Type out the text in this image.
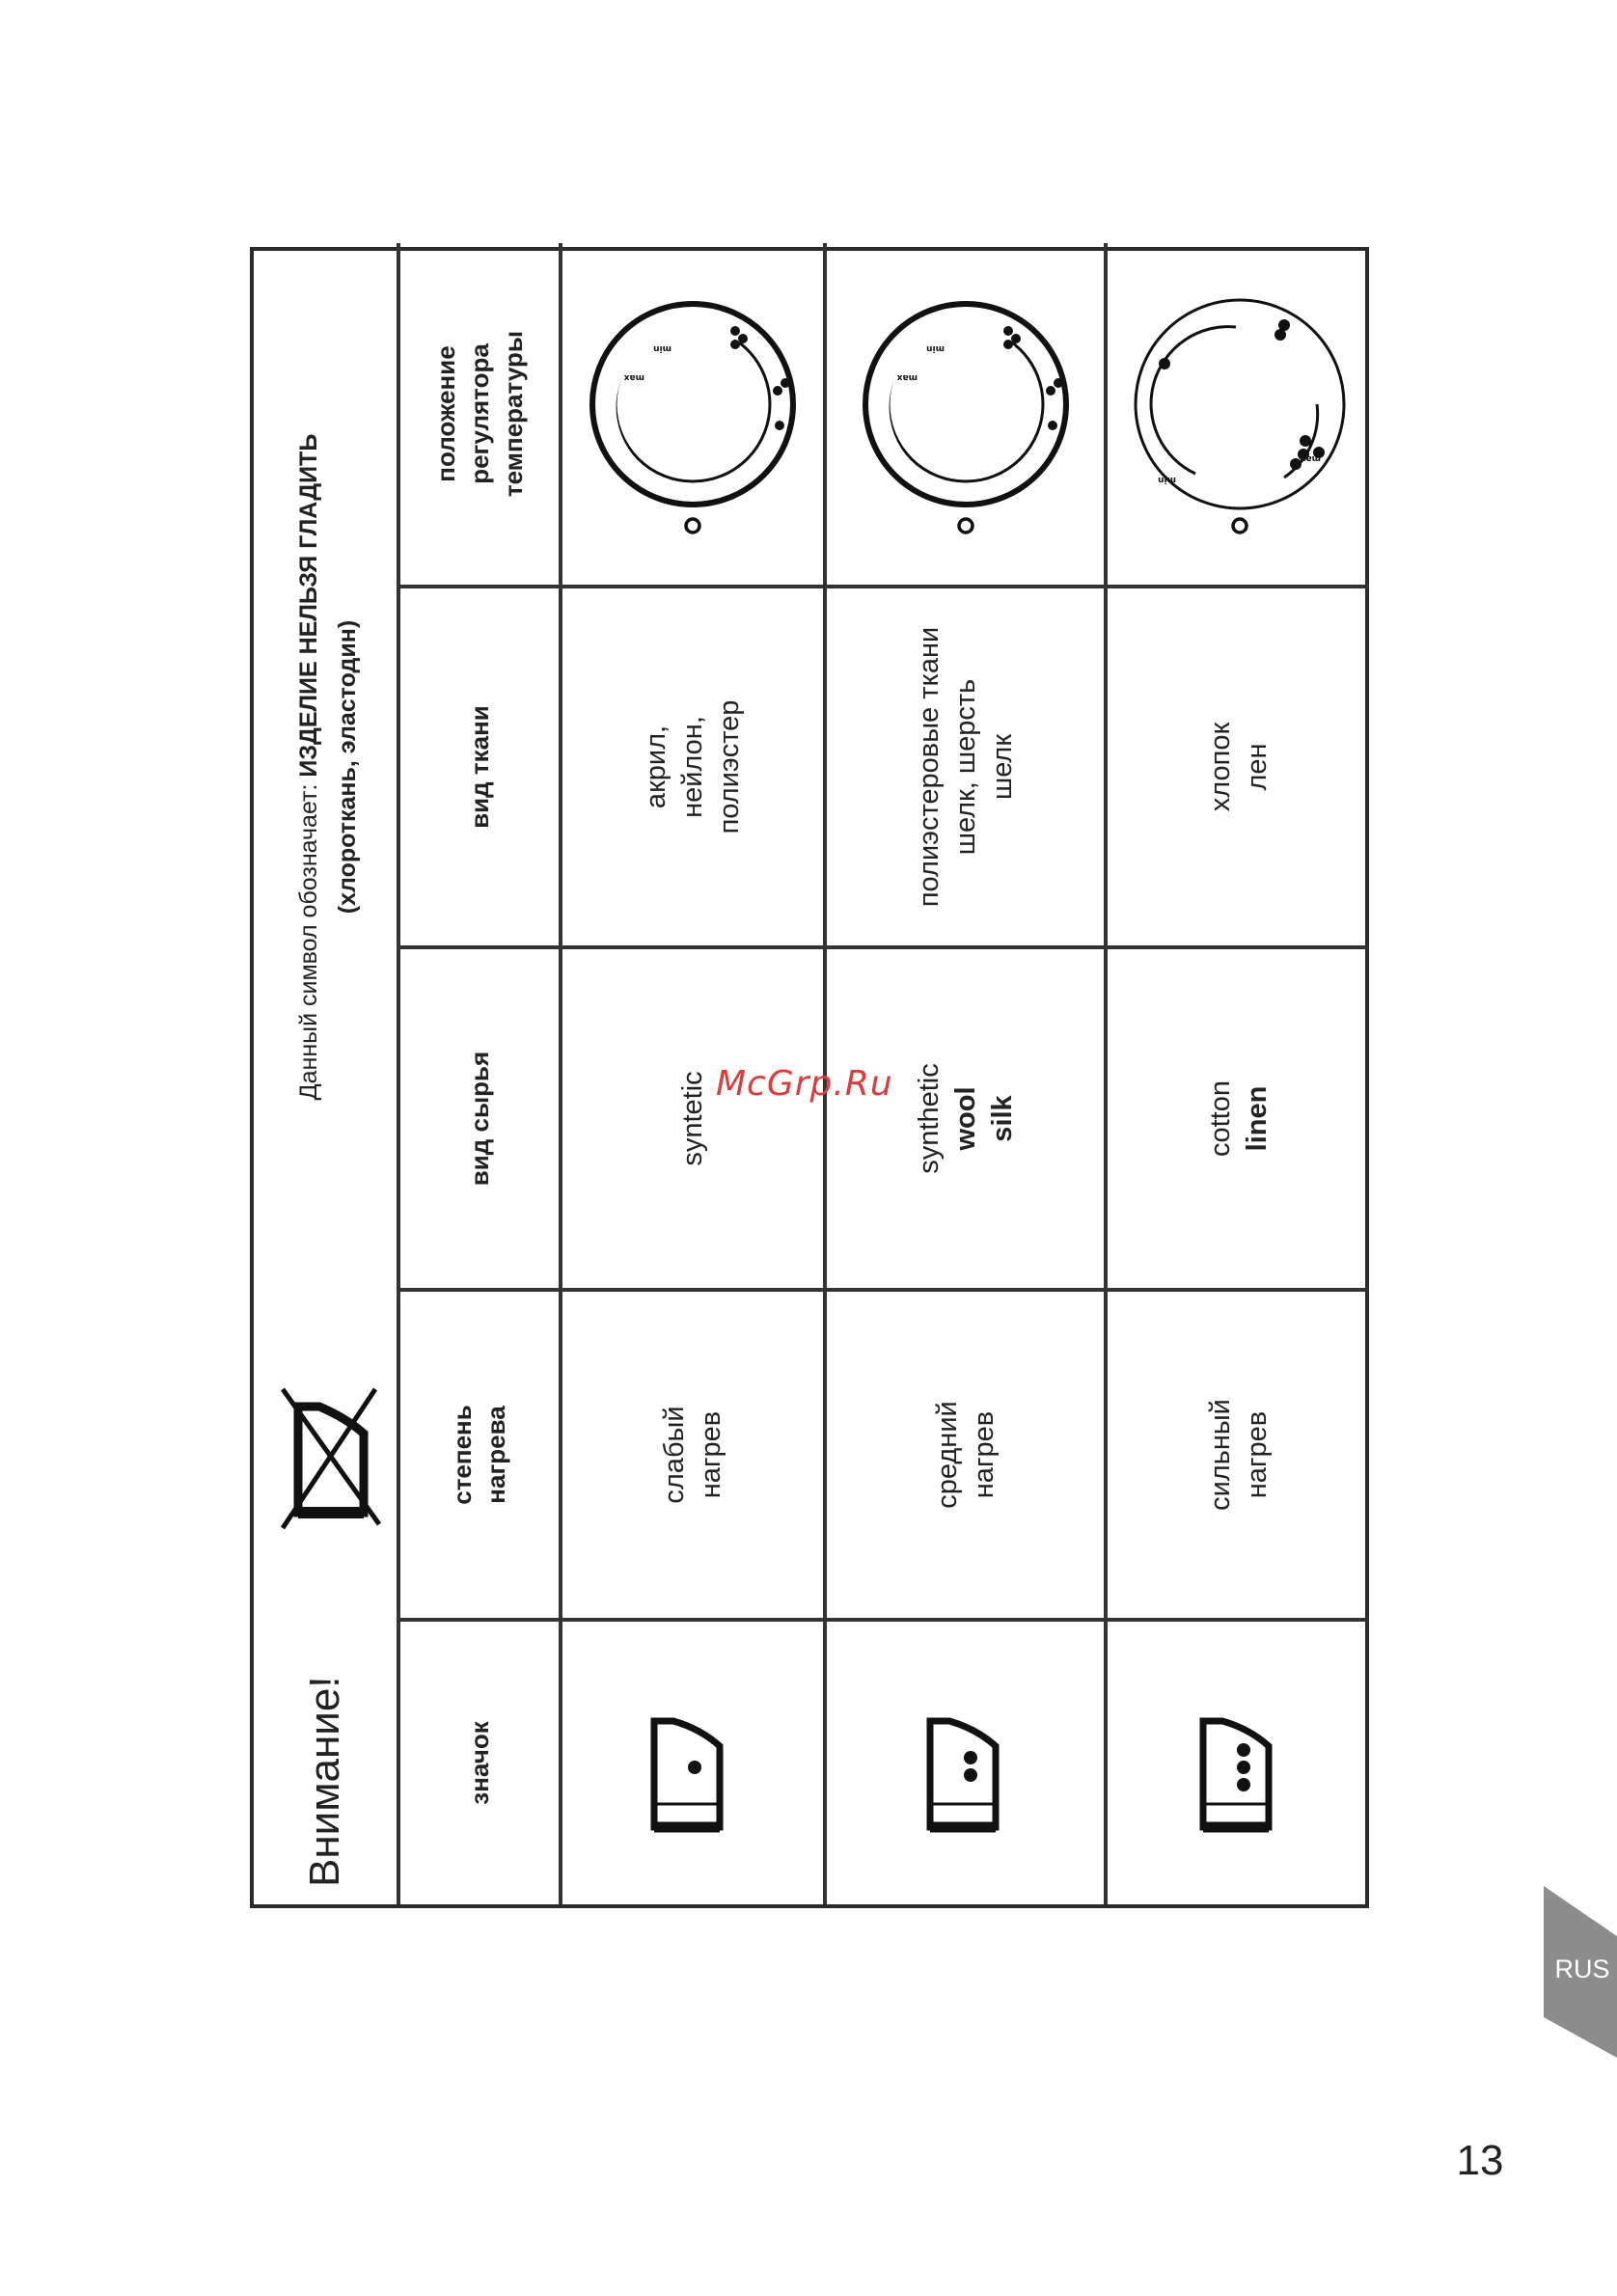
Внимание!
Данный символ обозначает: ИЗДЕЛИЕ НЕЛЬЗЯ ГЛАДИТЬ (хлороткань, эластодин)
значок
степень нагрева
вид сырья
вид ткани
положение регулятора температуры
слабый нагрев
syntetic
акрил, нейлон, полиэстер
min
max
средний нагрев
synthetic wool silk
полиэстеровые ткани шелк, шерсть шелк
min
max
сильный нагрев
cotton linen
хлопок лен
max
min
McGrp.Ru
RUS
13
